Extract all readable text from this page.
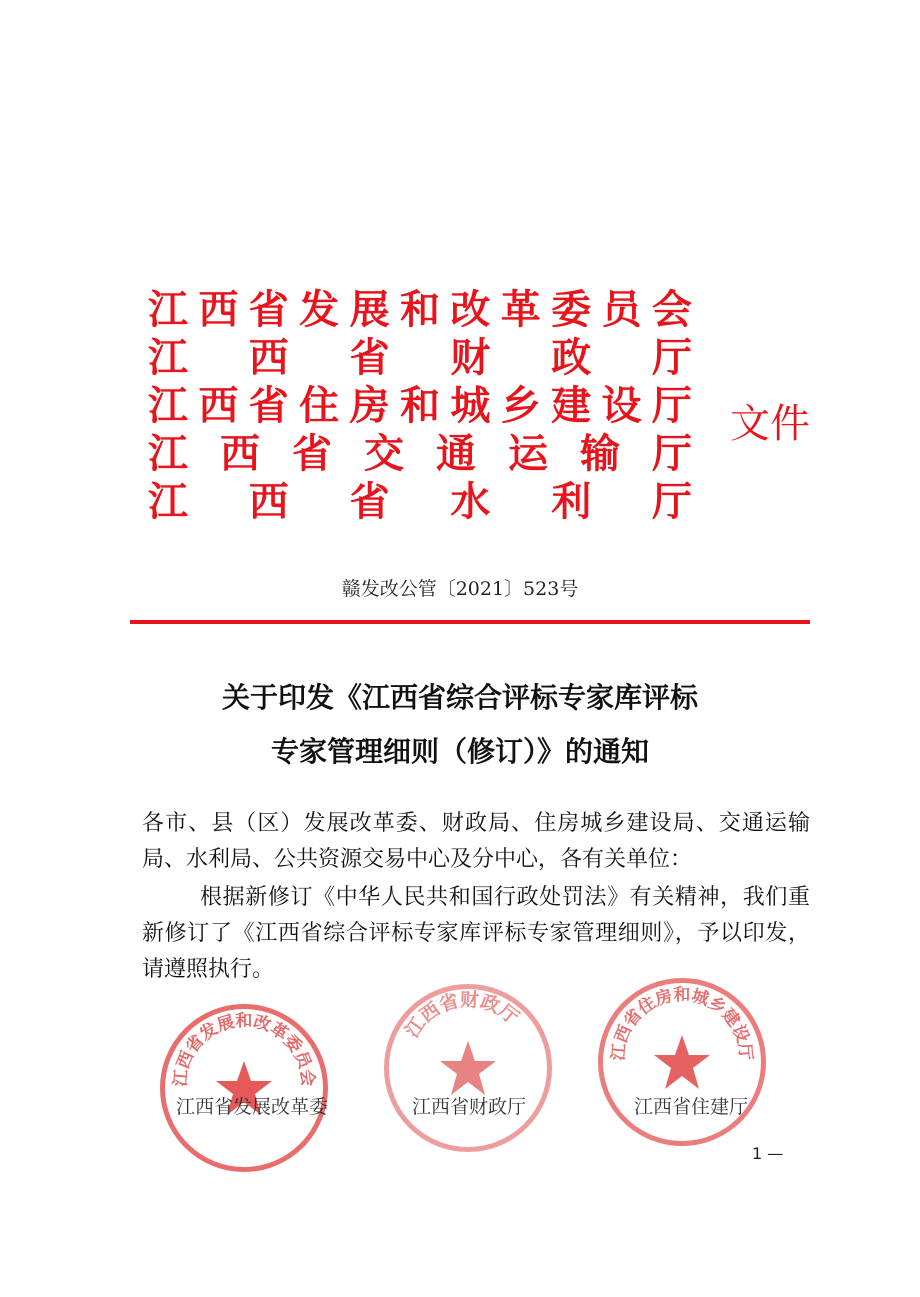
江 西 省 发 展 和 改 革 委 员 会
江 西 省 财 政 厅
江 西 省 住 房 和 城 乡 建 设 厅
江 西 省 交 通 运 输 厅
江 西 省 水 利 厅
文件
赣发改公管〔2021〕523号
关于印发《江西省综合评标专家库评标
专家管理细则（修订）》的通知
各市、县（区）发展改革委、财政局、住房城乡建设局、交通运输局、水利局、公共资源交易中心及分中心，各有关单位：
根据新修订《中华人民共和国行政处罚法》有关精神，我们重新修订了《江西省综合评标专家库评标专家管理细则》，予以印发，请遵照执行。
江西省发展和改革委员会
江西省财政厅
江西省住房和城乡建设厅
江西省发展改革委	江西省财政厅	江西省住建厅
1 —
